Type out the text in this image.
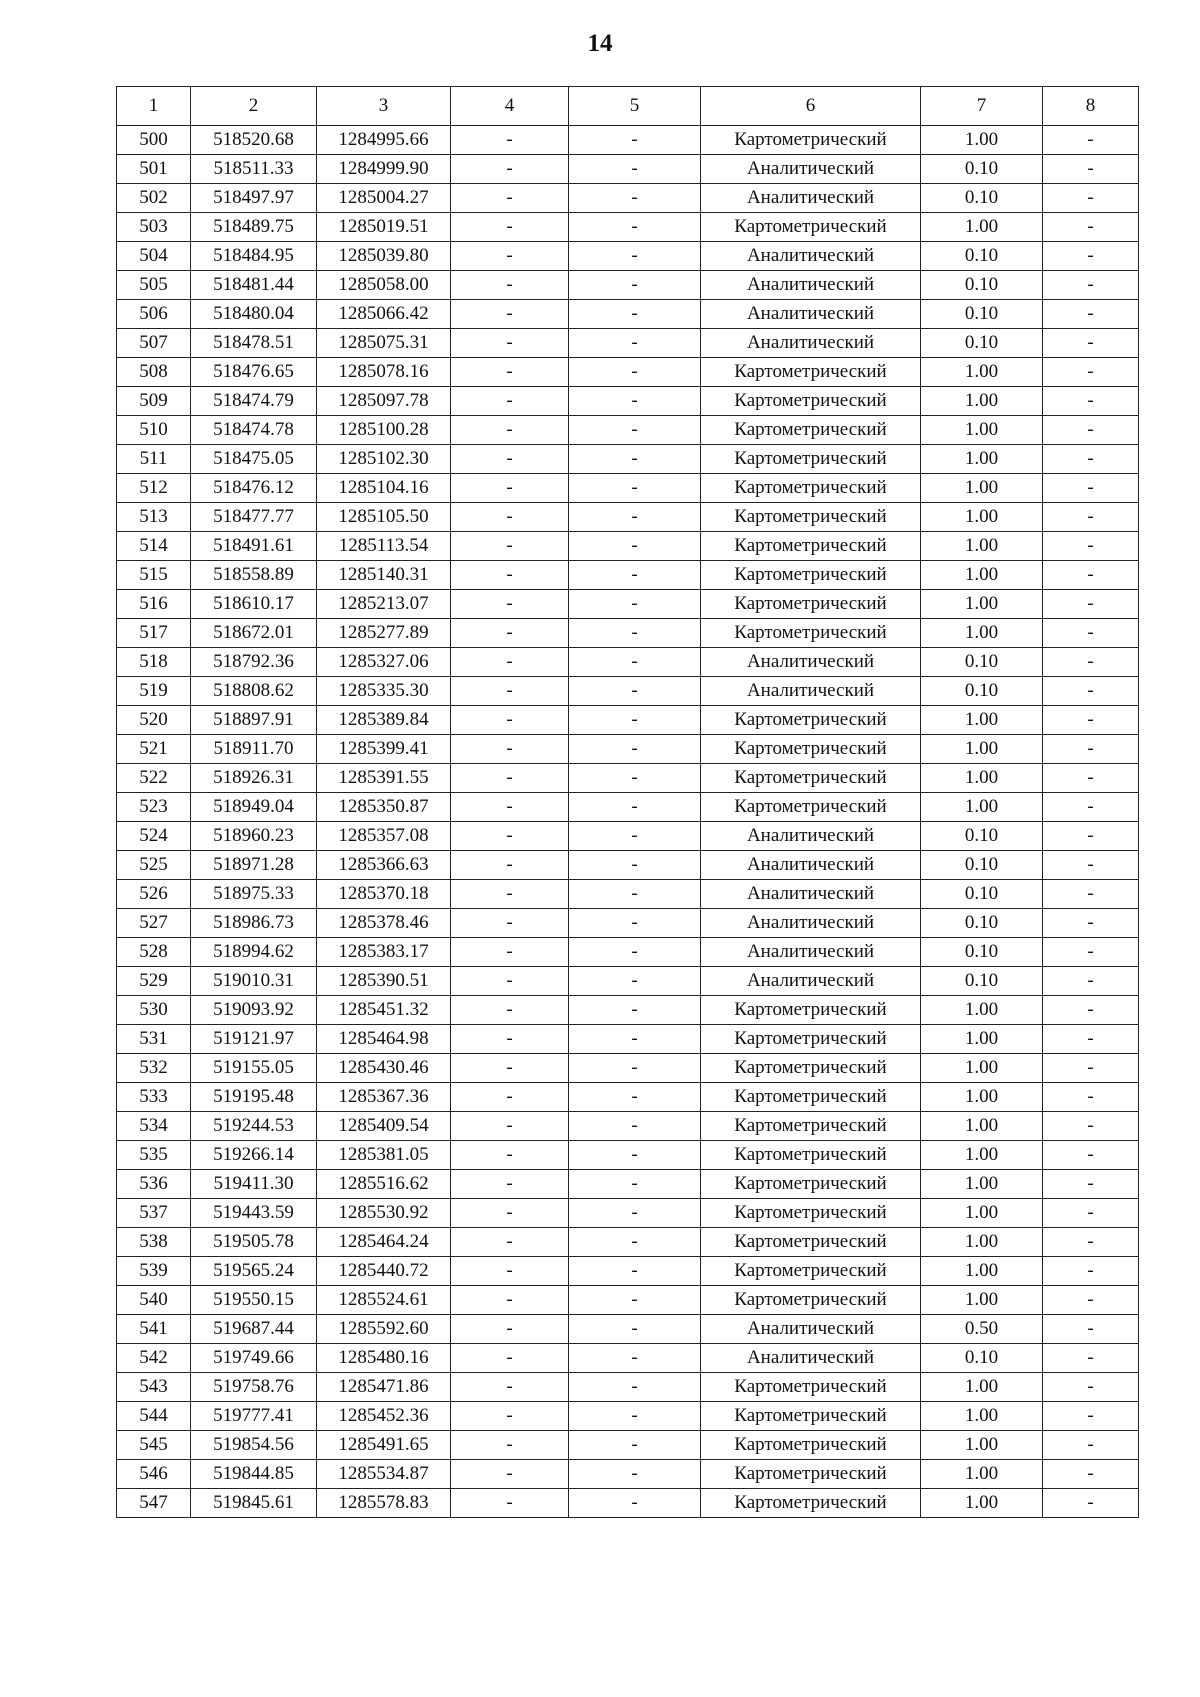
14
1	2	3	4	5	6	7	8
500	518520.68	1284995.66	-	-	Картометрический	1.00	-
501	518511.33	1284999.90	-	-	Аналитический	0.10	-
502	518497.97	1285004.27	-	-	Аналитический	0.10	-
503	518489.75	1285019.51	-	-	Картометрический	1.00	-
504	518484.95	1285039.80	-	-	Аналитический	0.10	-
505	518481.44	1285058.00	-	-	Аналитический	0.10	-
506	518480.04	1285066.42	-	-	Аналитический	0.10	-
507	518478.51	1285075.31	-	-	Аналитический	0.10	-
508	518476.65	1285078.16	-	-	Картометрический	1.00	-
509	518474.79	1285097.78	-	-	Картометрический	1.00	-
510	518474.78	1285100.28	-	-	Картометрический	1.00	-
511	518475.05	1285102.30	-	-	Картометрический	1.00	-
512	518476.12	1285104.16	-	-	Картометрический	1.00	-
513	518477.77	1285105.50	-	-	Картометрический	1.00	-
514	518491.61	1285113.54	-	-	Картометрический	1.00	-
515	518558.89	1285140.31	-	-	Картометрический	1.00	-
516	518610.17	1285213.07	-	-	Картометрический	1.00	-
517	518672.01	1285277.89	-	-	Картометрический	1.00	-
518	518792.36	1285327.06	-	-	Аналитический	0.10	-
519	518808.62	1285335.30	-	-	Аналитический	0.10	-
520	518897.91	1285389.84	-	-	Картометрический	1.00	-
521	518911.70	1285399.41	-	-	Картометрический	1.00	-
522	518926.31	1285391.55	-	-	Картометрический	1.00	-
523	518949.04	1285350.87	-	-	Картометрический	1.00	-
524	518960.23	1285357.08	-	-	Аналитический	0.10	-
525	518971.28	1285366.63	-	-	Аналитический	0.10	-
526	518975.33	1285370.18	-	-	Аналитический	0.10	-
527	518986.73	1285378.46	-	-	Аналитический	0.10	-
528	518994.62	1285383.17	-	-	Аналитический	0.10	-
529	519010.31	1285390.51	-	-	Аналитический	0.10	-
530	519093.92	1285451.32	-	-	Картометрический	1.00	-
531	519121.97	1285464.98	-	-	Картометрический	1.00	-
532	519155.05	1285430.46	-	-	Картометрический	1.00	-
533	519195.48	1285367.36	-	-	Картометрический	1.00	-
534	519244.53	1285409.54	-	-	Картометрический	1.00	-
535	519266.14	1285381.05	-	-	Картометрический	1.00	-
536	519411.30	1285516.62	-	-	Картометрический	1.00	-
537	519443.59	1285530.92	-	-	Картометрический	1.00	-
538	519505.78	1285464.24	-	-	Картометрический	1.00	-
539	519565.24	1285440.72	-	-	Картометрический	1.00	-
540	519550.15	1285524.61	-	-	Картометрический	1.00	-
541	519687.44	1285592.60	-	-	Аналитический	0.50	-
542	519749.66	1285480.16	-	-	Аналитический	0.10	-
543	519758.76	1285471.86	-	-	Картометрический	1.00	-
544	519777.41	1285452.36	-	-	Картометрический	1.00	-
545	519854.56	1285491.65	-	-	Картометрический	1.00	-
546	519844.85	1285534.87	-	-	Картометрический	1.00	-
547	519845.61	1285578.83	-	-	Картометрический	1.00	-
